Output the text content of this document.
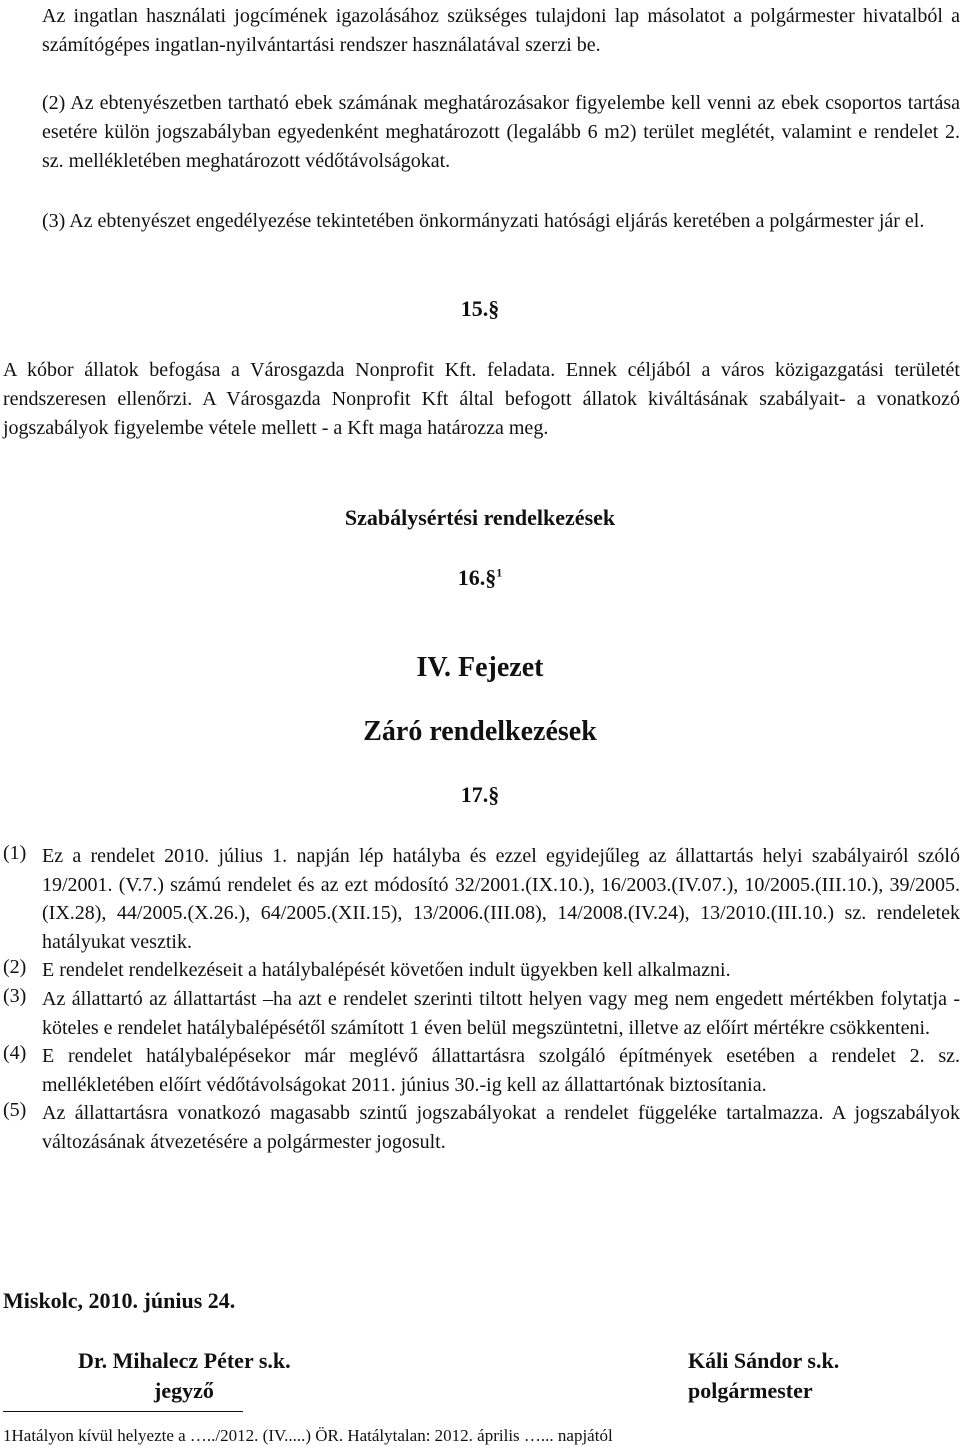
Az ingatlan használati jogcímének igazolásához szükséges tulajdoni lap másolatot a polgármester hivatalból a számítógépes ingatlan-nyilvántartási rendszer használatával szerzi be.

(2) Az ebtenyészetben tartható ebek számának meghatározásakor figyelembe kell venni az ebek csoportos tartása esetére külön jogszabályban egyedenként meghatározott (legalább 6 m2) terület meglétét, valamint e rendelet 2. sz. mellékletében meghatározott védőtávolságokat.

(3) Az ebtenyészet engedélyezése tekintetében önkormányzati hatósági eljárás keretében a polgármester jár el.

15.§

A kóbor állatok befogása a Városgazda Nonprofit Kft. feladata. Ennek céljából a város közigazgatási területét rendszeresen ellenőrzi. A Városgazda Nonprofit Kft által befogott állatok kiváltásának szabályait- a vonatkozó jogszabályok figyelembe vétele mellett - a Kft maga határozza meg.

Szabálysértési rendelkezések
16.§$^1$
IV. Fejezet
Záró rendelkezések
17.§
(1) Ez a rendelet 2010. július 1. napján lép hatályba és ezzel egyidejűleg az állattartás helyi szabályairól szóló 19/2001. (V.7.) számú rendelet és az ezt módosító 32/2001.(IX.10.), 16/2003.(IV.07.), 10/2005.(III.10.), 39/2005.(IX.28), 44/2005.(X.26.), 64/2005.(XII.15), 13/2006.(III.08), 14/2008.(IV.24), 13/2010.(III.10.) sz. rendeletek hatályukat vesztik.

(2) E rendelet rendelkezéseit a hatálybalépését követően indult ügyekben kell alkalmazni.

(3) Az állattartó az állattartást –ha azt e rendelet szerinti tiltott helyen vagy meg nem engedett mértékben folytatja - köteles e rendelet hatálybalépésétől számított 1 éven belül megszüntetni, illetve az előírt mértékre csökkenteni.

(4) E rendelet hatálybalépésekor már meglévő állattartásra szolgáló építmények esetében a rendelet 2. sz. mellékletében előírt védőtávolságokat 2011. június 30.-ig kell az állattartónak biztosítania.

(5) Az állattartásra vonatkozó magasabb szintű jogszabályokat a rendelet függeléke tartalmazza. A jogszabályok változásának átvezetésére a polgármester jogosult.

Miskolc, 2010. június 24.
Dr. Mihalecz Péter s.k.
jegyző
Káli Sándor s.k.
polgármester
1Hatályon kívül helyezte a …../2012. (IV.....) ÖR. Hatálytalan: 2012. április …... napjától
